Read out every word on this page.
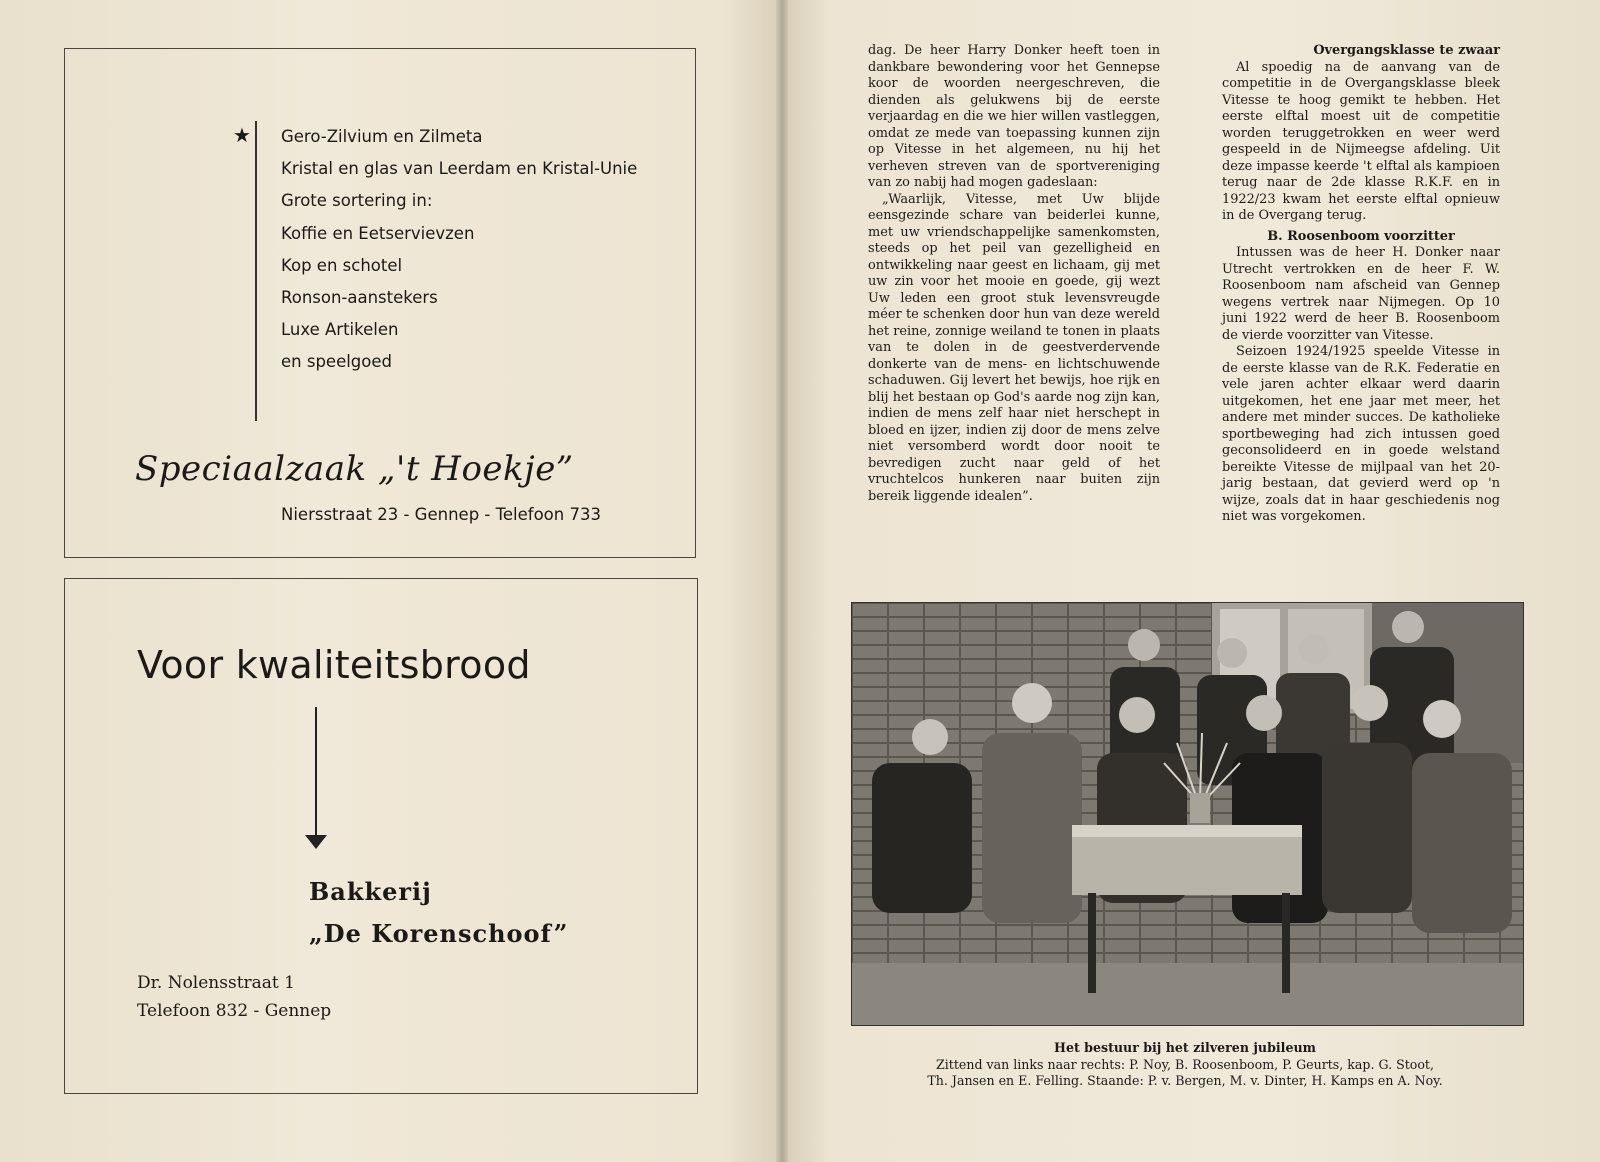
★ Gero-Zilvium en Zilmeta
Kristal en glas van Leerdam en Kristal-Unie
Grote sortering in:
Koffie en Eetservievzen
Kop en schotel
Ronson-aanstekers
Luxe Artikelen
en speelgoed
Speciaalzaak „'t Hoekje”
Niersstraat 23 - Gennep - Telefoon 733
Voor kwaliteitsbrood
Bakkerij
„De Korenschoof”
Dr. Nolensstraat 1
Telefoon 832 - Gennep

dag. De heer Harry Donker heeft toen in dankbare bewondering voor het Gennepse koor de woorden neergeschreven, die dienden als gelukwens bij de eerste verjaardag en die we hier willen vastleggen, omdat ze mede van toepassing kunnen zijn op Vitesse in het algemeen, nu hij het verheven streven van de sportvereniging van zo nabij had mogen gadeslaan:

„Waarlijk, Vitesse, met Uw blijde eensgezinde schare van beiderlei kunne, met uw vriendschappelijke samenkomsten, steeds op het peil van gezelligheid en ontwikkeling naar geest en lichaam, gij met uw zin voor het mooie en goede, gij wezt Uw leden een groot stuk levensvreugde méer te schenken door hun van deze wereld het reine, zonnige weiland te tonen in plaats van te dolen in de geestverdervende donkerte van de mens- en lichtschuwende schaduwen. Gij levert het bewijs, hoe rijk en blij het bestaan op God's aarde nog zijn kan, indien de mens zelf haar niet herschept in bloed en ijzer, indien zij door de mens zelve niet versomberd wordt door nooit te bevredigen zucht naar geld of het vruchtelcos hunkeren naar buiten zijn bereik liggende idealen”.

Overgangsklasse te zwaar

Al spoedig na de aanvang van de competitie in de Overgangsklasse bleek Vitesse te hoog gemikt te hebben. Het eerste elftal moest uit de competitie worden teruggetrokken en weer werd gespeeld in de Nijmeegse afdeling. Uit deze impasse keerde 't elftal als kampioen terug naar de 2de klasse R.K.F. en in 1922/23 kwam het eerste elftal opnieuw in de Overgang terug.

B. Roosenboom voorzitter

Intussen was de heer H. Donker naar Utrecht vertrokken en de heer F. W. Roosenboom nam afscheid van Gennep wegens vertrek naar Nijmegen. Op 10 juni 1922 werd de heer B. Roosenboom de vierde voorzitter van Vitesse.

Seizoen 1924/1925 speelde Vitesse in de eerste klasse van de R.K. Federatie en vele jaren achter elkaar werd daarin uitgekomen, het ene jaar met meer, het andere met minder succes. De katholieke sportbeweging had zich intussen goed geconsolideerd en in goede welstand bereikte Vitesse de mijlpaal van het 20-jarig bestaan, dat gevierd werd op 'n wijze, zoals dat in haar geschiedenis nog niet was vorgekomen.

Het bestuur bij het zilveren jubileum
Zittend van links naar rechts: P. Noy, B. Roosenboom, P. Geurts, kap. G. Stoot,
Th. Jansen en E. Felling. Staande: P. v. Bergen, M. v. Dinter, H. Kamps en A. Noy.
